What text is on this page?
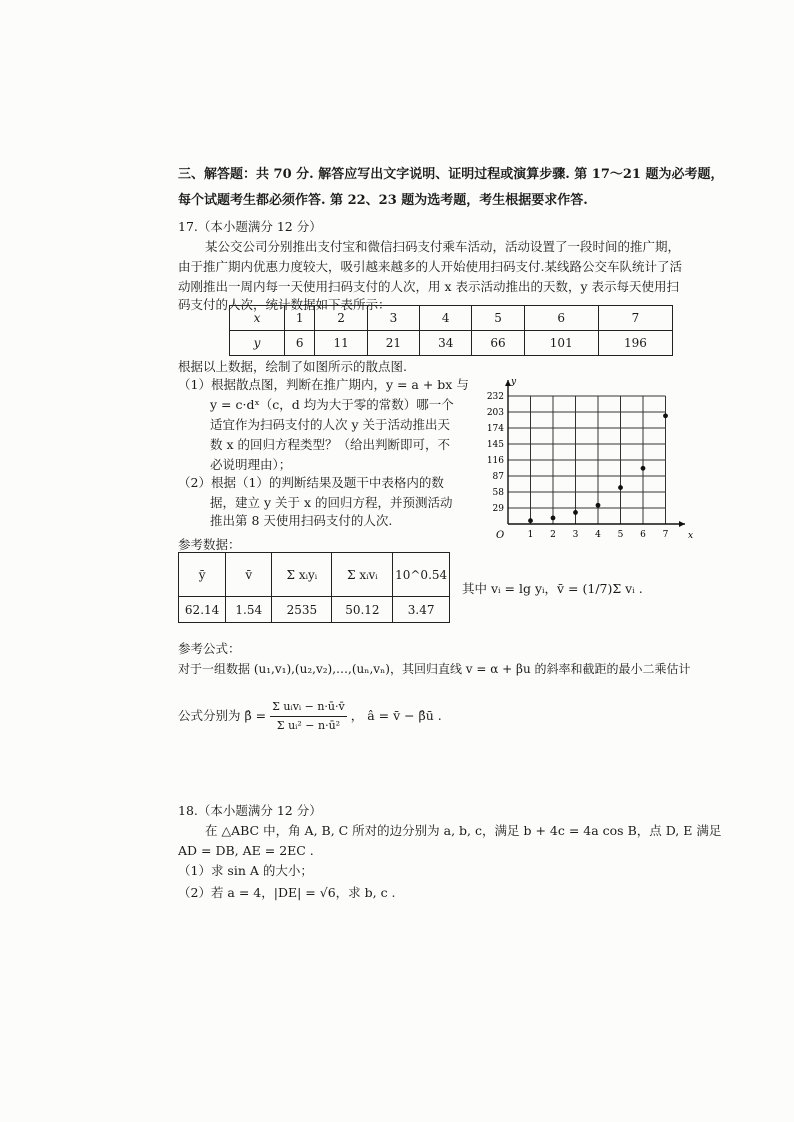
三、解答题：共 70 分. 解答应写出文字说明、证明过程或演算步骤. 第 17～21 题为必考题，
每个试题考生都必须作答. 第 22、23 题为选考题，考生根据要求作答.
17.（本小题满分 12 分）
某公交公司分别推出支付宝和微信扫码支付乘车活动，活动设置了一段时间的推广期，
由于推广期内优惠力度较大，吸引越来越多的人开始使用扫码支付.某线路公交车队统计了活
动刚推出一周内每一天使用扫码支付的人次，用 x 表示活动推出的天数，y 表示每天使用扫
码支付的人次，统计数据如下表所示：
x	1	2	3	4	5	6	7
y	6	11	21	34	66	101	196
根据以上数据，绘制了如图所示的散点图.
（1）根据散点图，判断在推广期内，y = a + bx 与
y = c·dˣ（c，d 均为大于零的常数）哪一个
适宜作为扫码支付的人次 y 关于活动推出天
数 x 的回归方程类型？（给出判断即可，不
必说明理由）；
（2）根据（1）的判断结果及题干中表格内的数
据，建立 y 关于 x 的回归方程，并预测活动
推出第 8 天使用扫码支付的人次.
x
y
O	1 2 3 4 5 6 7
29
58
87
116
145
174
203
232
参考数据：
ȳ	v̄	Σ xᵢyᵢ	Σ xᵢvᵢ	10^0.54
62.14	1.54	2535	50.12	3.47
其中 vᵢ = lg yᵢ，v̄ = (1/7)Σ vᵢ .
参考公式：
对于一组数据 (u₁,v₁),(u₂,v₂),…,(uₙ,vₙ)，其回归直线 v = α + βu 的斜率和截距的最小二乘估计
公式分别为 β̂ = $\frac{\text{Σ uᵢvᵢ − n·ū·v̄}}{\text{Σ uᵢ² − n·ū²}}$ ， â = v̄ − β̂ū .
18.（本小题满分 12 分）
在 △ABC 中，角 A, B, C 所对的边分别为 a, b, c，满足 b + 4c = 4a cos B，点 D, E 满足
AD = DB, AE = 2EC .
（1）求 sin A 的大小；
（2）若 a = 4，|DE| = √6，求 b, c .
